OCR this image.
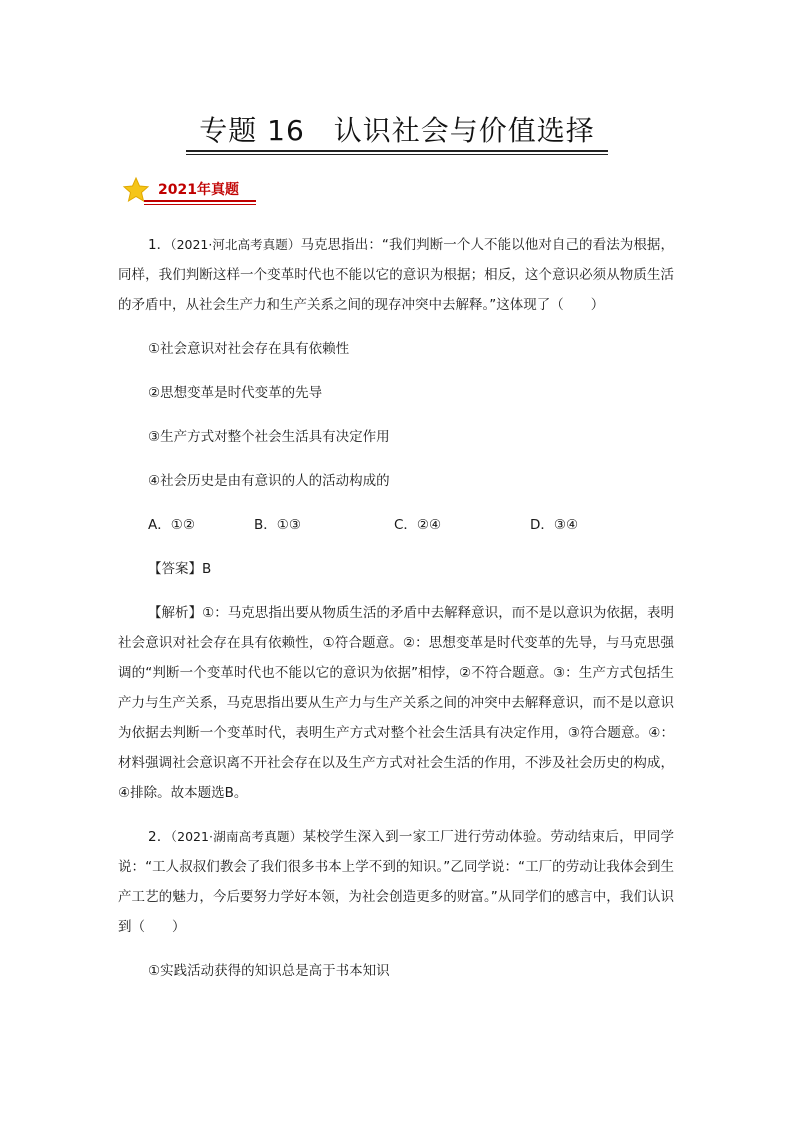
专题 16　认识社会与价值选择
2021年真题

1．（2021·河北高考真题）马克思指出：“我们判断一个人不能以他对自己的看法为根据，同样，我们判断这样一个变革时代也不能以它的意识为根据；相反，这个意识必须从物质生活的矛盾中，从社会生产力和生产关系之间的现存冲突中去解释。”这体现了（　　）

①社会意识对社会存在具有依赖性

②思想变革是时代变革的先导

③生产方式对整个社会生活具有决定作用

④社会历史是由有意识的人的活动构成的

A．①②	B．①③	C．②④	D．③④

【答案】B

【解析】①：马克思指出要从物质生活的矛盾中去解释意识，而不是以意识为依据，表明社会意识对社会存在具有依赖性，①符合题意。②：思想变革是时代变革的先导，与马克思强调的“判断一个变革时代也不能以它的意识为依据”相悖，②不符合题意。③：生产方式包括生产力与生产关系，马克思指出要从生产力与生产关系之间的冲突中去解释意识，而不是以意识为依据去判断一个变革时代，表明生产方式对整个社会生活具有决定作用，③符合题意。④：材料强调社会意识离不开社会存在以及生产方式对社会生活的作用，不涉及社会历史的构成，④排除。故本题选B。

2．（2021·湖南高考真题）某校学生深入到一家工厂进行劳动体验。劳动结束后，甲同学说：“工人叔叔们教会了我们很多书本上学不到的知识。”乙同学说：“工厂的劳动让我体会到生产工艺的魅力，今后要努力学好本领，为社会创造更多的财富。”从同学们的感言中，我们认识到（　　）

①实践活动获得的知识总是高于书本知识
